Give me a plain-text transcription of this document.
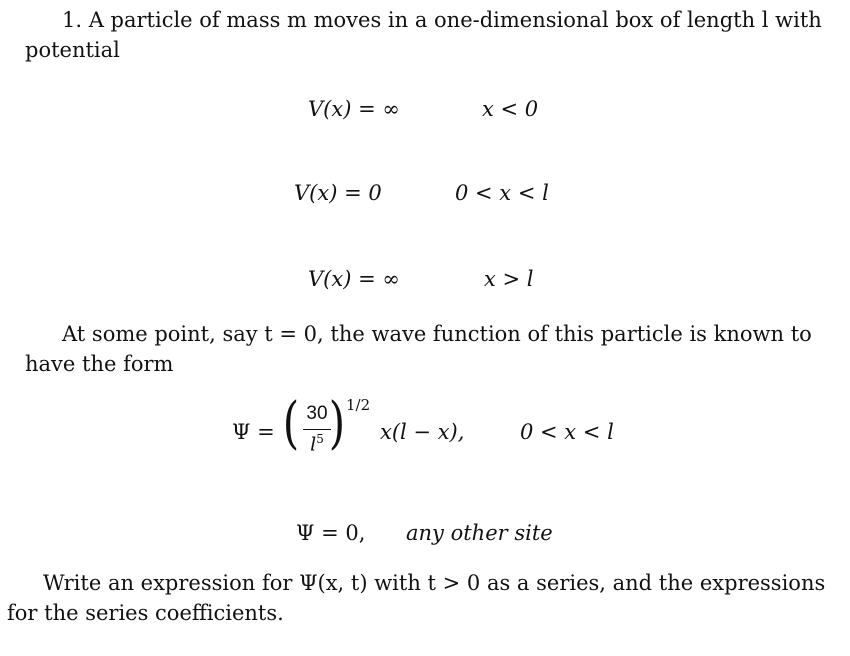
1. A particle of mass m moves in a one-dimensional box of length l with
potential
V(x) = ∞	x < 0
V(x) = 0	0 < x < l
V(x) = ∞	x > l
At some point, say t = 0, the wave function of this particle is known to
have the form
Ψ = ( 30
$l^5$ ) 1/2
x(l − x),	0 < x < l
Ψ = 0, any other site
Write an expression for Ψ(x, t) with t > 0 as a series, and the expressions
for the series coefficients.
